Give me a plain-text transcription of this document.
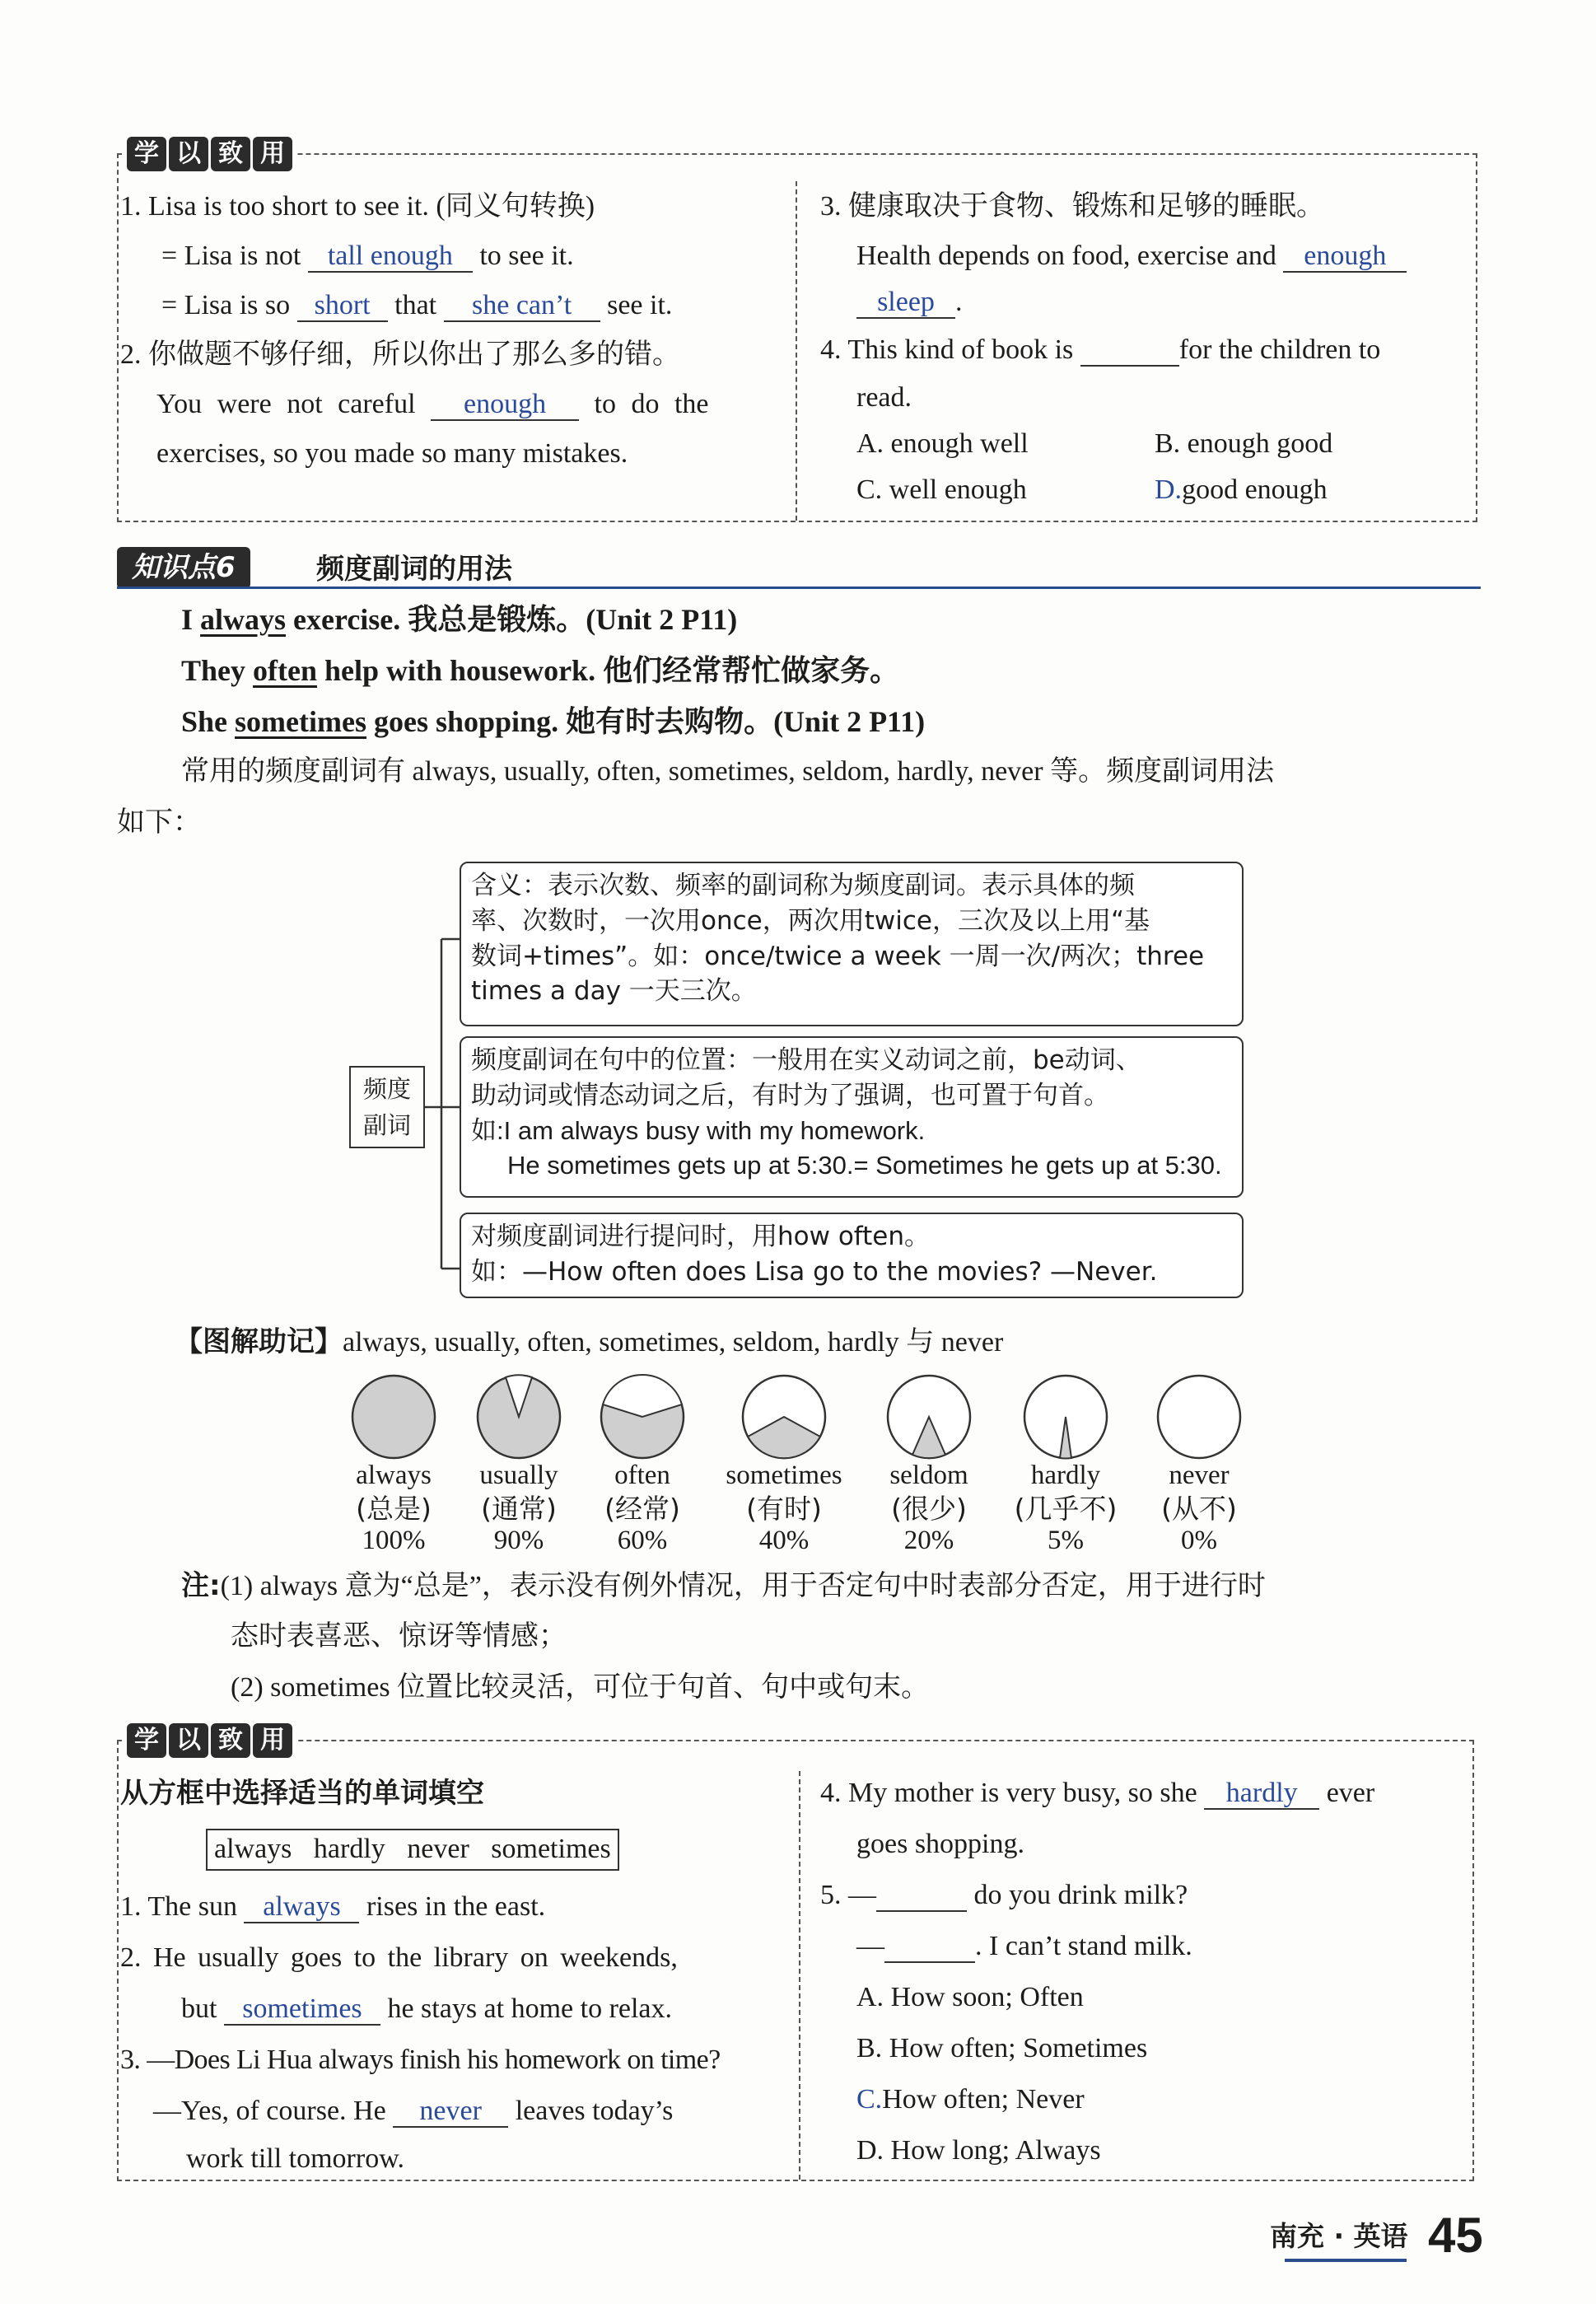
学 以 致 用
1. Lisa is too short to see it. (同义句转换)
= Lisa is not tall enough to see it.
= Lisa is so short that she can’t see it.
2. 你做题不够仔细，所以你出了那么多的错。
You were not careful enough to do the
exercises, so you made so many mistakes.
3. 健康取决于食物、锻炼和足够的睡眠。
Health depends on food, exercise and enough
sleep .
4. This kind of book is	for the children to
read.
A. enough well	B. enough good
C. well enough	D.good enough
知识点6	频度副词的用法
I always exercise. 我总是锻炼。(Unit 2 P11)
They often help with housework. 他们经常帮忙做家务。
She sometimes goes shopping. 她有时去购物。(Unit 2 P11)
常用的频度副词有 always, usually, often, sometimes, seldom, hardly, never 等。频度副词用法
如下：
频度
副词
含义：表示次数、频率的副词称为频度副词。表示具体的频
率、次数时，一次用once，两次用twice，三次及以上用“基
数词+times”。如：once/twice a week 一周一次/两次；three
times a day 一天三次。
频度副词在句中的位置：一般用在实义动词之前，be动词、
助动词或情态动词之后，有时为了强调，也可置于句首。
如:I am always busy with my homework.
He sometimes gets up at 5:30.= Sometimes he gets up at 5:30.
对频度副词进行提问时，用how often。
如：—How often does Lisa go to the movies? —Never.
【图解助记】always, usually, often, sometimes, seldom, hardly 与 never
always
(总是)
100%
usually
(通常)
90%
often
(经常)
60%
sometimes
(有时)
40%
seldom
(很少)
20%
hardly
(几乎不)
5%
never
(从不)
0%
注:(1) always 意为“总是”，表示没有例外情况，用于否定句中时表部分否定，用于进行时
态时表喜恶、惊讶等情感；
(2) sometimes 位置比较灵活，可位于句首、句中或句末。
学 以 致 用
从方框中选择适当的单词填空
always hardly never sometimes
1. The sun always rises in the east.
2. He usually goes to the library on weekends,
but sometimes he stays at home to relax.
3. —Does Li Hua always finish his homework on time?
—Yes, of course. He never leaves today’s
work till tomorrow.
4. My mother is very busy, so she hardly ever
goes shopping.
5. —	do you drink milk?
—	. I can’t stand milk.
A. How soon; Often
B. How often; Sometimes
C.How often; Never
D. How long; Always
南充 · 英语 45
